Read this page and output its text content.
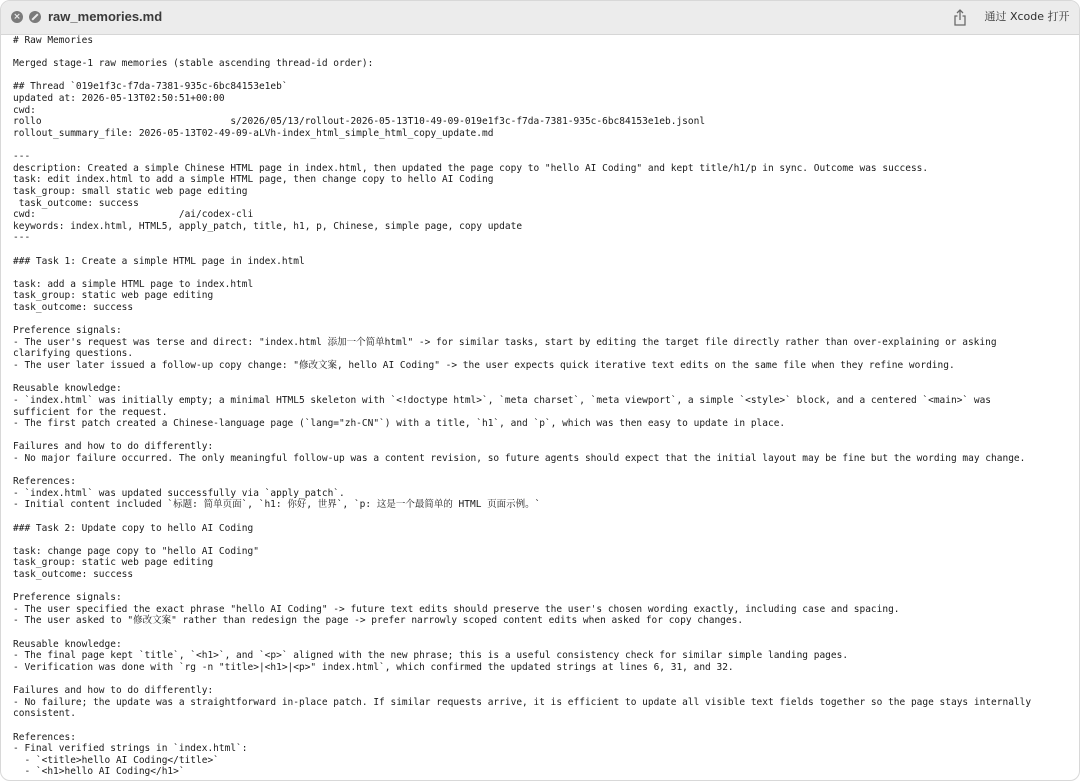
× raw_memories.md	通过 Xcode 打开
# Raw Memories
Merged stage-1 raw memories (stable ascending thread-id order):
## Thread `019e1f3c-f7da-7381-935c-6bc84153e1eb`
updated at: 2026-05-13T02:50:51+00:00
cwd:
rollo                                 s/2026/05/13/rollout-2026-05-13T10-49-09-019e1f3c-f7da-7381-935c-6bc84153e1eb.jsonl
rollout_summary_file: 2026-05-13T02-49-09-aLVh-index_html_simple_html_copy_update.md
---
description: Created a simple Chinese HTML page in index.html, then updated the page copy to "hello AI Coding" and kept title/h1/p in sync. Outcome was success.
task: edit index.html to add a simple HTML page, then change copy to hello AI Coding
task_group: small static web page editing
task_outcome: success
cwd:                         /ai/codex-cli
keywords: index.html, HTML5, apply_patch, title, h1, p, Chinese, simple page, copy update
---
### Task 1: Create a simple HTML page in index.html
task: add a simple HTML page to index.html
task_group: static web page editing
task_outcome: success
Preference signals:
- The user's request was terse and direct: "index.html 添加一个简单html" -> for similar tasks, start by editing the target file directly rather than over-explaining or asking
clarifying questions.
- The user later issued a follow-up copy change: "修改文案, hello AI Coding" -> the user expects quick iterative text edits on the same file when they refine wording.
Reusable knowledge:
- `index.html` was initially empty; a minimal HTML5 skeleton with `<!doctype html>`, `meta charset`, `meta viewport`, a simple `<style>` block, and a centered `<main>` was
sufficient for the request.
- The first patch created a Chinese-language page (`lang="zh-CN"`) with a title, `h1`, and `p`, which was then easy to update in place.
Failures and how to do differently:
- No major failure occurred. The only meaningful follow-up was a content revision, so future agents should expect that the initial layout may be fine but the wording may change.
References:
- `index.html` was updated successfully via `apply_patch`.
- Initial content included `标题: 简单页面`, `h1: 你好, 世界`, `p: 这是一个最简单的 HTML 页面示例。`
### Task 2: Update copy to hello AI Coding
task: change page copy to "hello AI Coding"
task_group: static web page editing
task_outcome: success
Preference signals:
- The user specified the exact phrase "hello AI Coding" -> future text edits should preserve the user's chosen wording exactly, including case and spacing.
- The user asked to "修改文案" rather than redesign the page -> prefer narrowly scoped content edits when asked for copy changes.
Reusable knowledge:
- The final page kept `title`, `<h1>`, and `<p>` aligned with the new phrase; this is a useful consistency check for similar simple landing pages.
- Verification was done with `rg -n "title>|<h1>|<p>" index.html`, which confirmed the updated strings at lines 6, 31, and 32.
Failures and how to do differently:
- No failure; the update was a straightforward in-place patch. If similar requests arrive, it is efficient to update all visible text fields together so the page stays internally
consistent.
References:
- Final verified strings in `index.html`:
- `<title>hello AI Coding</title>`
- `<h1>hello AI Coding</h1>`
